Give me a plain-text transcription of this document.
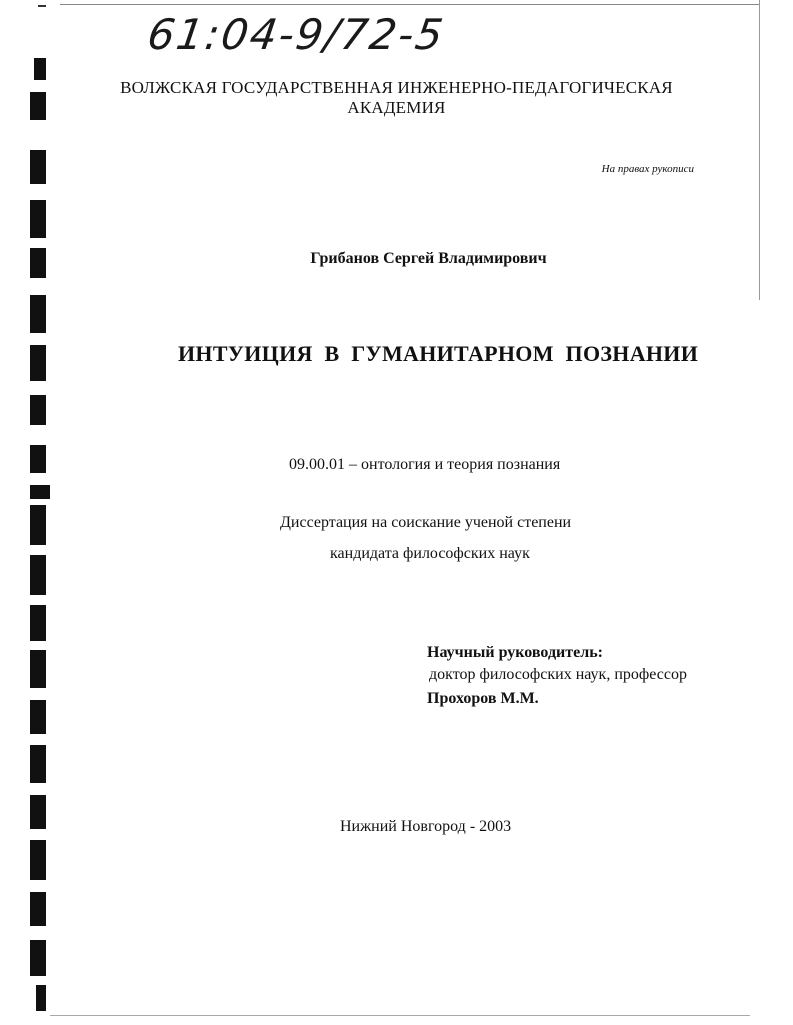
61:04-9/72-5
ВОЛЖСКАЯ ГОСУДАРСТВЕННАЯ ИНЖЕНЕРНО-ПЕДАГОГИЧЕСКАЯ
АКАДЕМИЯ
На правах рукописи
Грибанов Сергей Владимирович
ИНТУИЦИЯ В ГУМАНИТАРНОМ ПОЗНАНИИ
09.00.01 – онтология и теория познания
Диссертация на соискание ученой степени
кандидата философских наук
Научный руководитель:
доктор философских наук, профессор
Прохоров М.М.
Нижний Новгород - 2003
